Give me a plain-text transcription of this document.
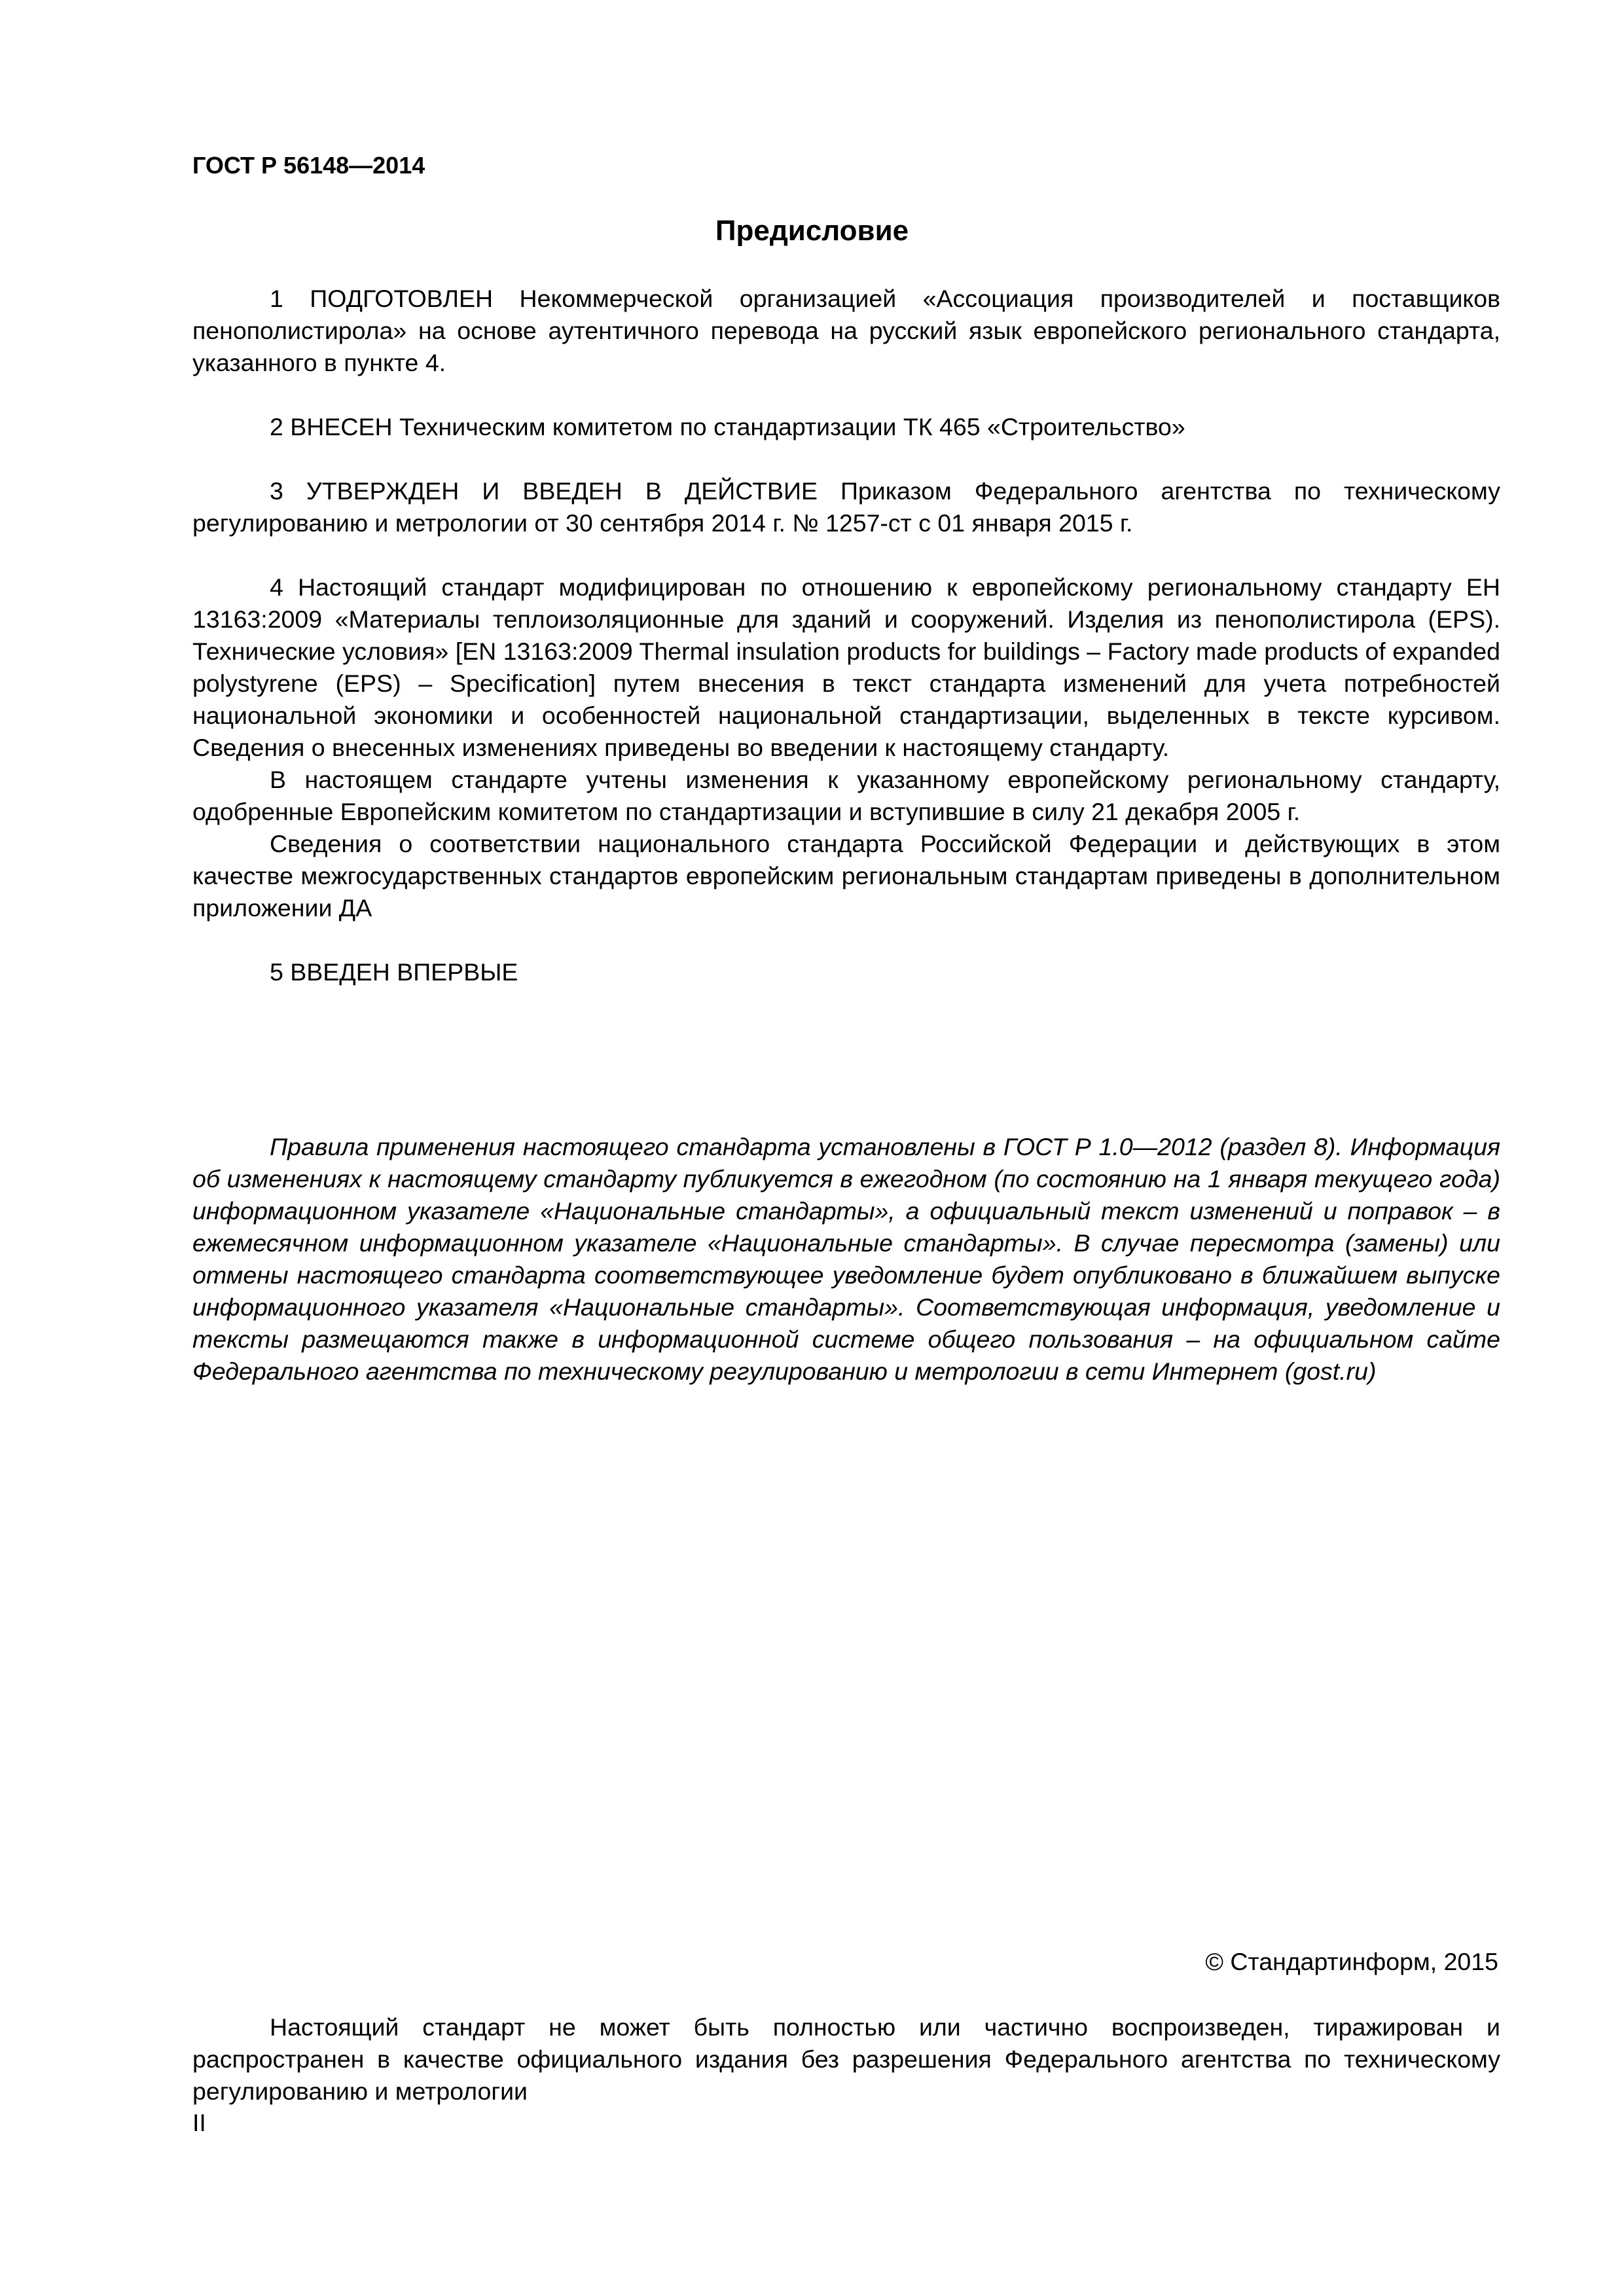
ГОСТ Р 56148—2014
Предисловие

1 ПОДГОТОВЛЕН Некоммерческой организацией «Ассоциация производителей и поставщиков пенополистирола» на основе аутентичного перевода на русский язык европейского регионального стандарта, указанного в пункте 4.

2 ВНЕСЕН Техническим комитетом по стандартизации ТК 465 «Строительство»

3 УТВЕРЖДЕН И ВВЕДЕН В ДЕЙСТВИЕ Приказом Федерального агентства по техническому регулированию и метрологии от 30 сентября 2014 г. № 1257-ст с 01 января 2015 г.

4 Настоящий стандарт модифицирован по отношению к европейскому региональному стандарту ЕН 13163:2009 «Материалы теплоизоляционные для зданий и сооружений. Изделия из пенополистирола (EPS). Технические условия» [EN 13163:2009 Thermal insulation products for buildings – Factory made products of expanded polystyrene (EPS) – Specification] путем внесения в текст стандарта изменений для учета потребностей национальной экономики и особенностей национальной стандартизации, выделенных в тексте курсивом. Сведения о внесенных изменениях приведены во введении к настоящему стандарту.

В настоящем стандарте учтены изменения к указанному европейскому региональному стандарту, одобренные Европейским комитетом по стандартизации и вступившие в силу 21 декабря 2005 г.

Сведения о соответствии национального стандарта Российской Федерации и действующих в этом качестве межгосударственных стандартов европейским региональным стандартам приведены в дополнительном приложении ДА

5 ВВЕДЕН ВПЕРВЫЕ

Правила применения настоящего стандарта установлены в ГОСТ Р 1.0—2012 (раздел 8). Информация об изменениях к настоящему стандарту публикуется в ежегодном (по состоянию на 1 января текущего года) информационном указателе «Национальные стандарты», а официальный текст изменений и поправок – в ежемесячном информационном указателе «Национальные стандарты». В случае пересмотра (замены) или отмены настоящего стандарта соответствующее уведомление будет опубликовано в ближайшем выпуске информационного указателя «Национальные стандарты». Соответствующая информация, уведомление и тексты размещаются также в информационной системе общего пользования – на официальном сайте Федерального агентства по техническому регулированию и метрологии в сети Интернет (gost.ru)

© Стандартинформ, 2015

Настоящий стандарт не может быть полностью или частично воспроизведен, тиражирован и распространен в качестве официального издания без разрешения Федерального агентства по техническому регулированию и метрологии

II
